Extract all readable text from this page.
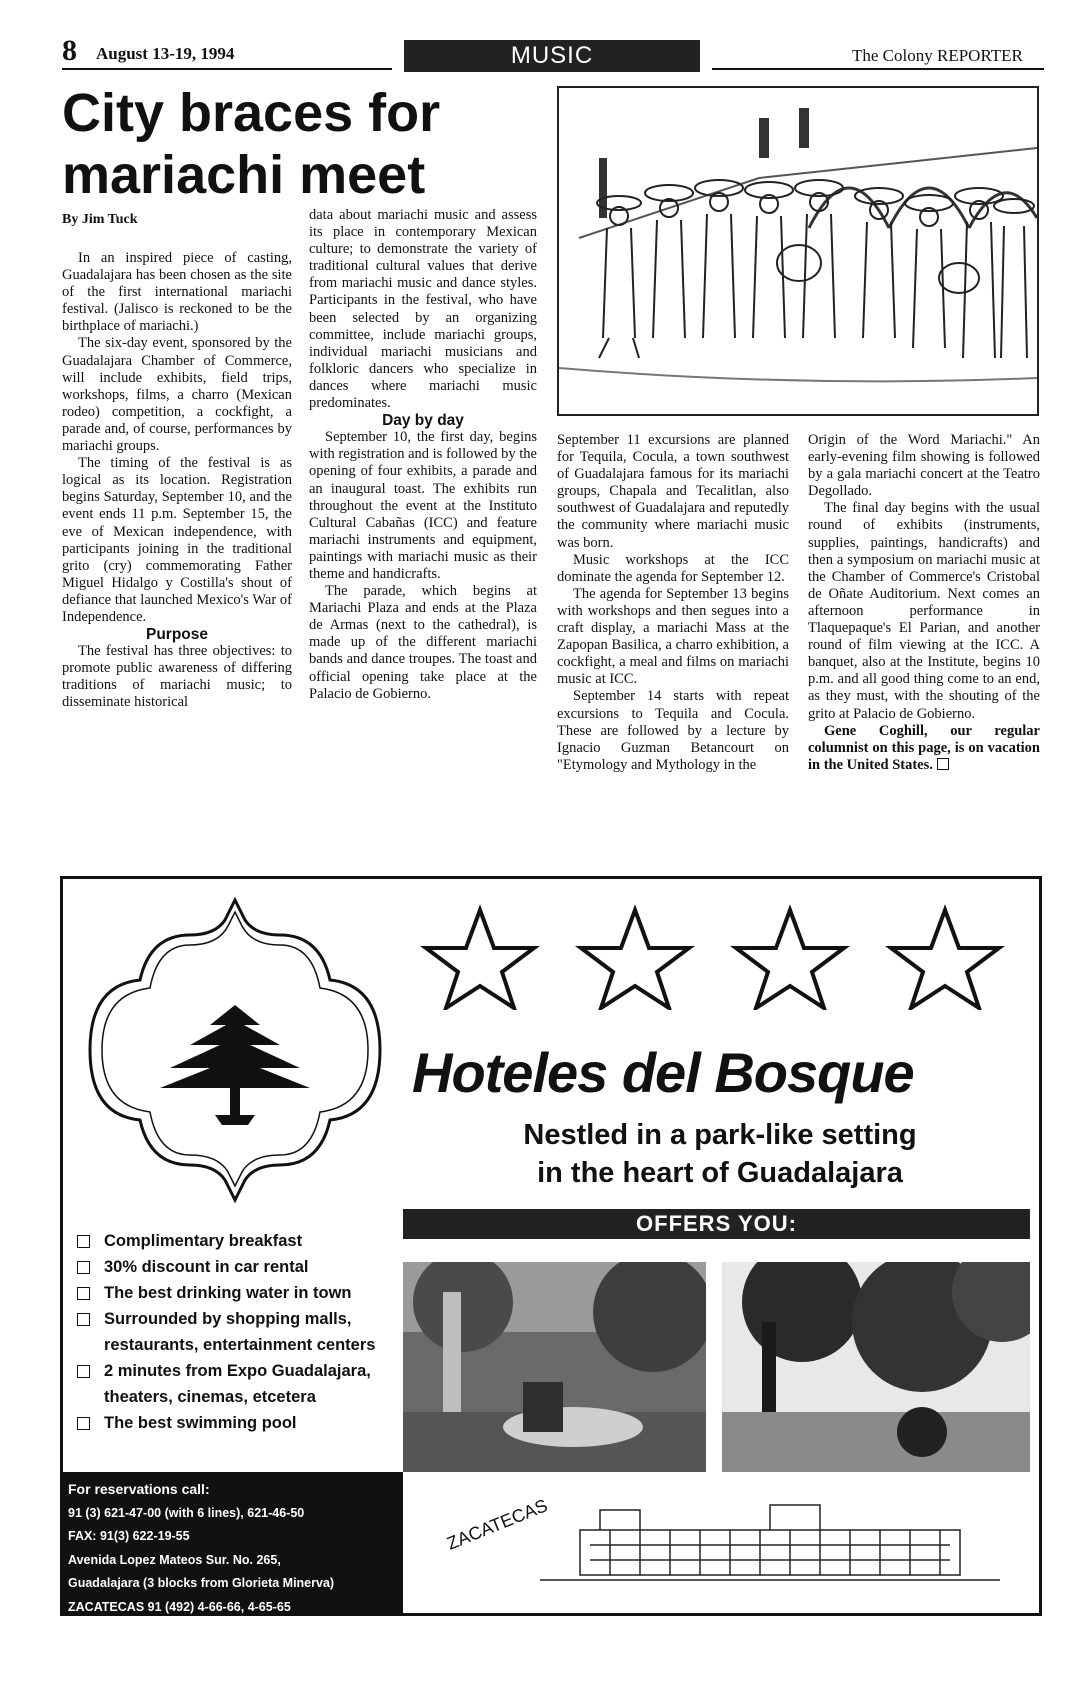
8 August 13-19, 1994	MUSIC	The Colony REPORTER
City braces for
mariachi meet
By Jim Tuck

In an inspired piece of casting, Guadalajara has been chosen as the site of the first international mariachi festival. (Jalisco is reckoned to be the birthplace of mariachi.)

The six-day event, sponsored by the Guadalajara Chamber of Commerce, will include exhibits, field trips, workshops, films, a charro (Mexican rodeo) competition, a cockfight, a parade and, of course, performances by mariachi groups.

The timing of the festival is as logical as its location. Registration begins Saturday, September 10, and the event ends 11 p.m. September 15, the eve of Mexican independence, with participants joining in the traditional grito (cry) commemorating Father Miguel Hidalgo y Costilla's shout of defiance that launched Mexico's War of Independence.

Purpose

The festival has three objectives: to promote public awareness of differing traditions of mariachi music; to disseminate historical

data about mariachi music and assess its place in contemporary Mexican culture; to demonstrate the variety of traditional cultural values that derive from mariachi music and dance styles. Participants in the festival, who have been selected by an organizing committee, include mariachi groups, individual mariachi musicians and folkloric dancers who specialize in dances where mariachi music predominates.

Day by day

September 10, the first day, begins with registration and is followed by the opening of four exhibits, a parade and an inaugural toast. The exhibits run throughout the event at the Instituto Cultural Cabañas (ICC) and feature mariachi instruments and equipment, paintings with mariachi music as their theme and handicrafts.

The parade, which begins at Mariachi Plaza and ends at the Plaza de Armas (next to the cathedral), is made up of the different mariachi bands and dance troupes. The toast and official opening take place at the Palacio de Gobierno.

September 11 excursions are planned for Tequila, Cocula, a town southwest of Guadalajara famous for its mariachi groups, Chapala and Tecalitlan, also southwest of Guadalajara and reputedly the community where mariachi music was born.

Music workshops at the ICC dominate the agenda for September 12.

The agenda for September 13 begins with workshops and then segues into a craft display, a mariachi Mass at the Zapopan Basilica, a charro exhibition, a cockfight, a meal and films on mariachi music at ICC.

September 14 starts with repeat excursions to Tequila and Cocula. These are followed by a lecture by Ignacio Guzman Betancourt on "Etymology and Mythology in the

Origin of the Word Mariachi." An early-evening film showing is followed by a gala mariachi concert at the Teatro Degollado.

The final day begins with the usual round of exhibits (instruments, supplies, paintings, handicrafts) and then a symposium on mariachi music at the Chamber of Commerce's Cristobal de Oñate Auditorium. Next comes an afternoon performance in Tlaquepaque's El Parian, and another round of film viewing at the ICC. A banquet, also at the Institute, begins 10 p.m. and all good thing come to an end, as they must, with the shouting of the grito at Palacio de Gobierno.

Gene Coghill, our regular columnist on this page, is on vacation in the United States.

Hoteles del Bosque
Nestled in a park-like setting
in the heart of Guadalajara
OFFERS YOU:
Complimentary breakfast
30% discount in car rental
The best drinking water in town
Surrounded by shopping malls, restaurants, entertainment centers
2 minutes from Expo Guadalajara, theaters, cinemas, etcetera
The best swimming pool
For reservations call:
91 (3) 621-47-00 (with 6 lines), 621-46-50
FAX: 91(3) 622-19-55
Avenida Lopez Mateos Sur. No. 265,
Guadalajara (3 blocks from Glorieta Minerva)
ZACATECAS 91 (492) 4-66-66, 4-65-65
ZACATECAS
